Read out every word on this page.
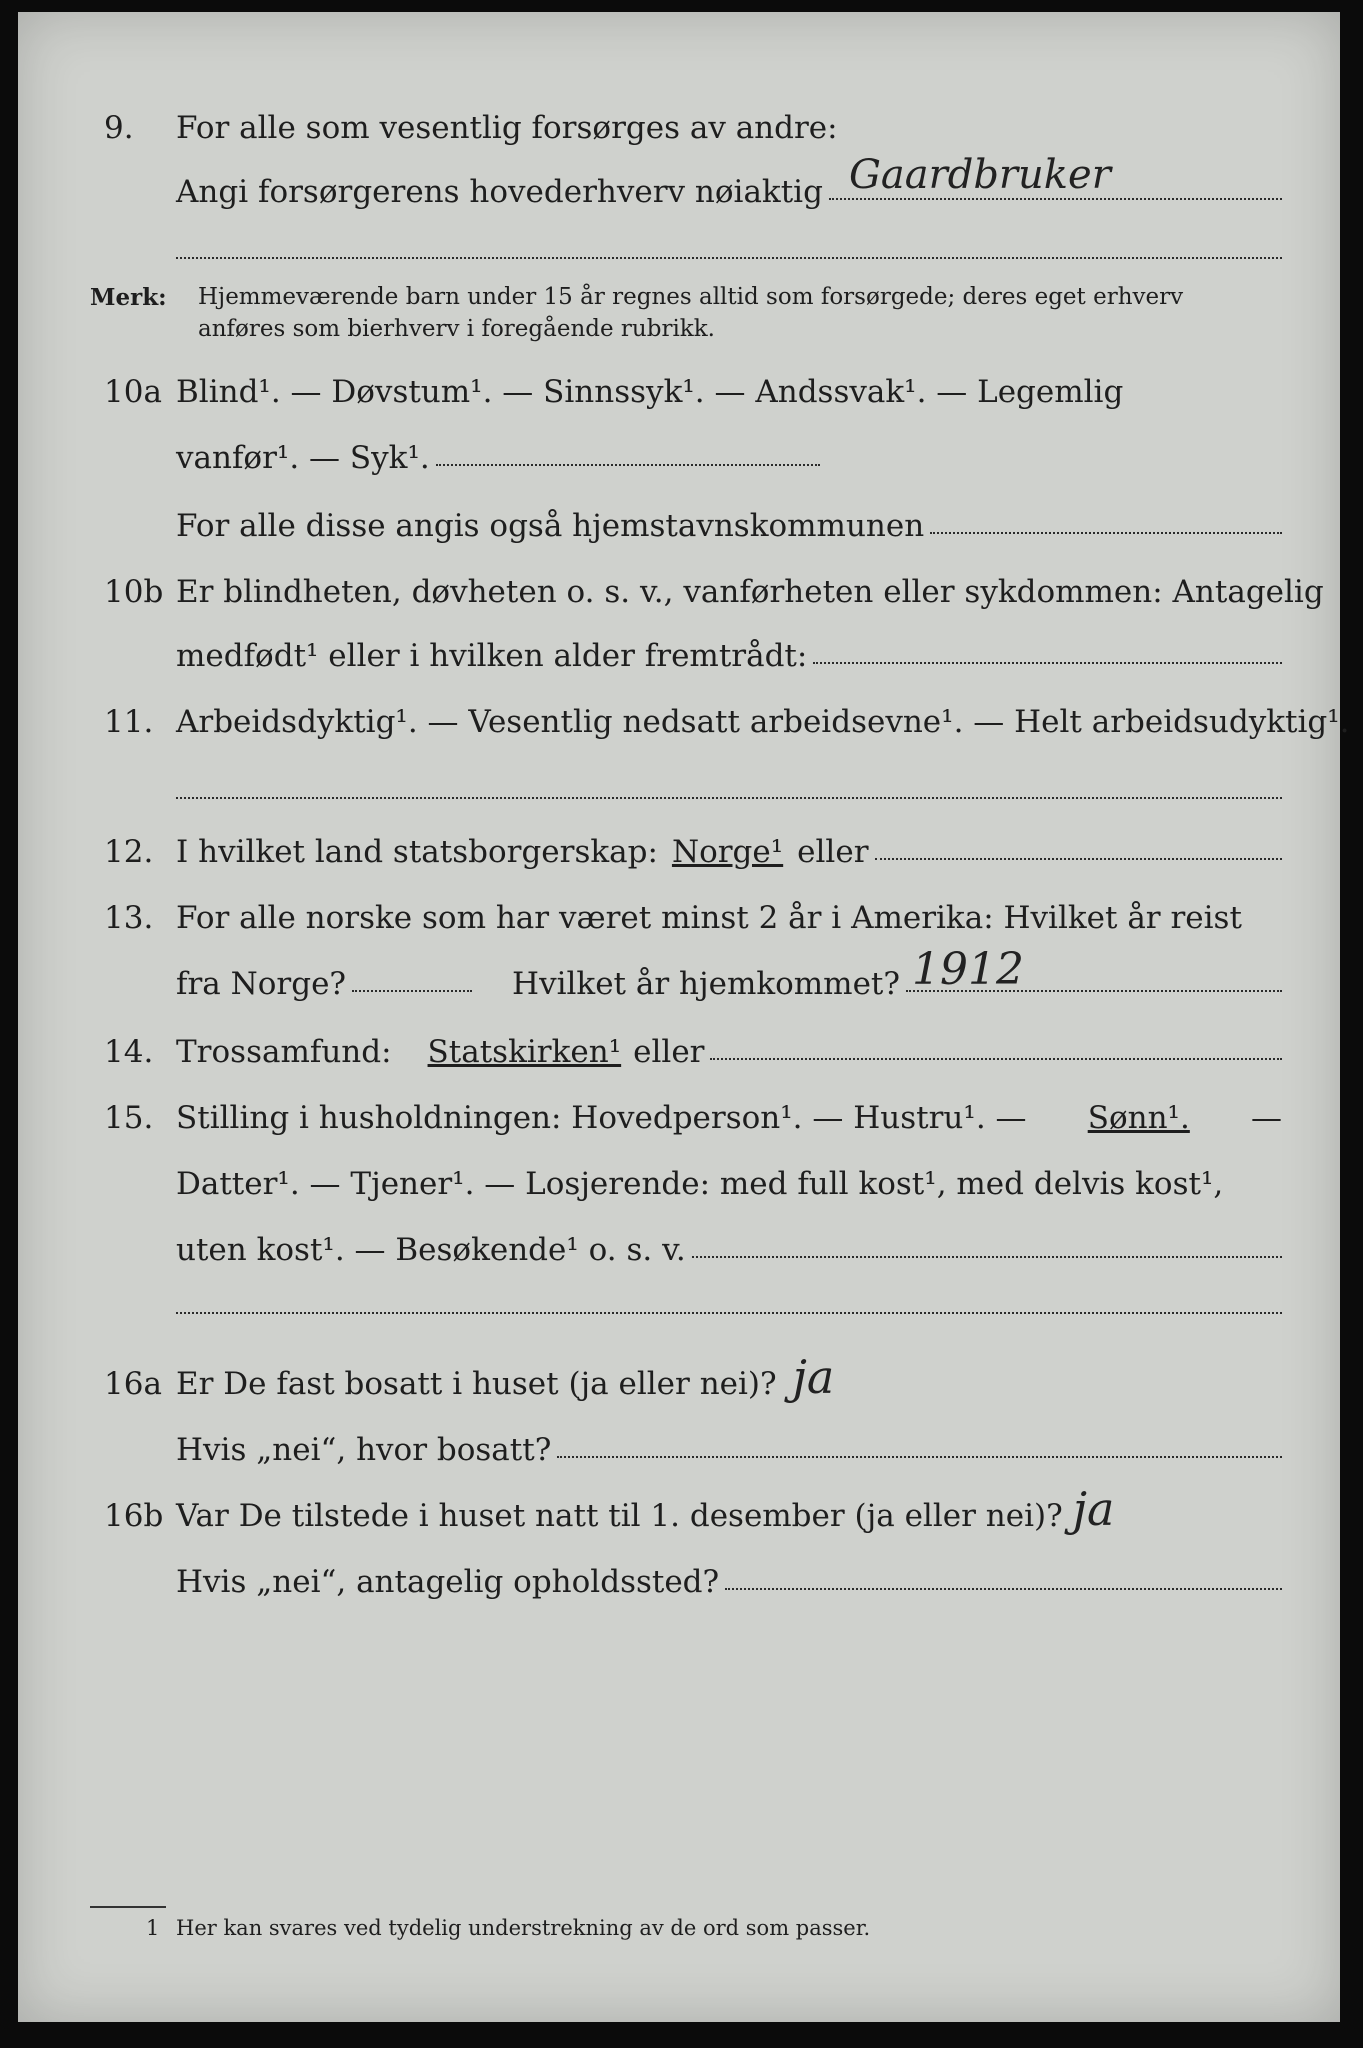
9. For alle som vesentlig forsørges av andre:
Angi forsørgerens hovederhverv nøiaktig Gaardbruker
Merk: Hjemmeværende barn under 15 år regnes alltid som forsørgede; deres eget erhverv
anføres som bierhverv i foregående rubrikk.
10a Blind¹. — Døvstum¹. — Sinnssyk¹. — Andssvak¹. — Legemlig
vanfør¹. — Syk¹.
For alle disse angis også hjemstavnskommunen
10b Er blindheten, døvheten o. s. v., vanførheten eller sykdommen: Antagelig
medfødt¹ eller i hvilken alder fremtrådt:
11. Arbeidsdyktig¹. — Vesentlig nedsatt arbeidsevne¹. — Helt arbeidsudyktig¹.
12. I hvilket land statsborgerskap: Norge¹ eller
13. For alle norske som har været minst 2 år i Amerika: Hvilket år reist
fra Norge?	Hvilket år hjemkommet? 1912
14. Trossamfund: Statskirken¹ eller
15. Stilling i husholdningen: Hovedperson¹. — Hustru¹. — Sønn¹. —
Datter¹. — Tjener¹. — Losjerende: med full kost¹, med delvis kost¹,
uten kost¹. — Besøkende¹ o. s. v.
16a Er De fast bosatt i huset (ja eller nei)? ja
Hvis „nei“, hvor bosatt?
16b Var De tilstede i huset natt til 1. desember (ja eller nei)? ja
Hvis „nei“, antagelig opholdssted?
1 Her kan svares ved tydelig understrekning av de ord som passer.
